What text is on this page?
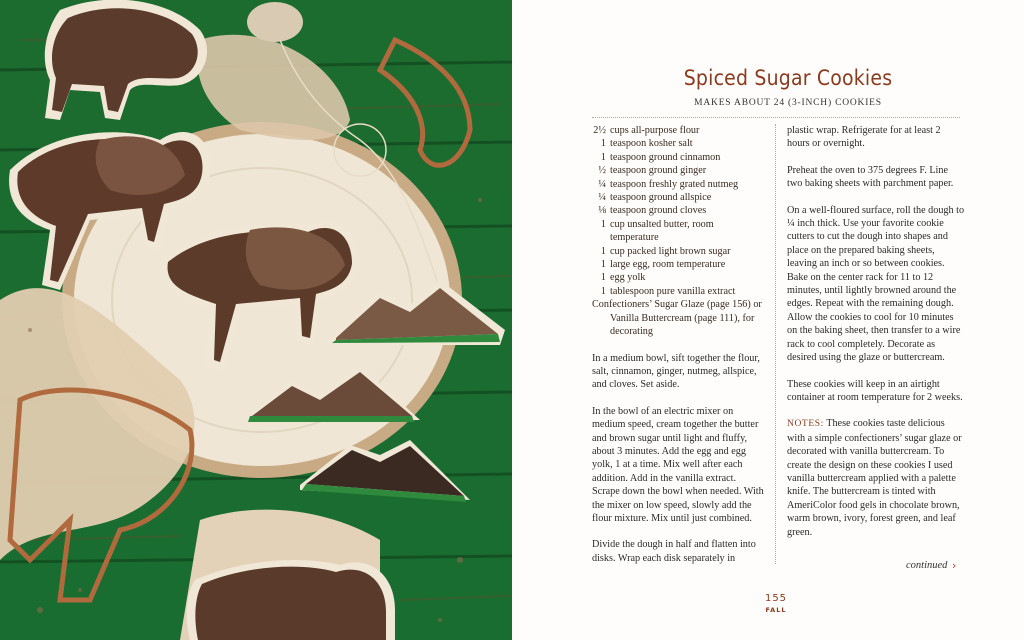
Spiced Sugar Cookies
MAKES ABOUT 24 (3-INCH) COOKIES
2½ cups all-purpose flour
1 teaspoon kosher salt
1 teaspoon ground cinnamon
½ teaspoon ground ginger
¼ teaspoon freshly grated nutmeg
¼ teaspoon ground allspice
⅛ teaspoon ground cloves
1 cup unsalted butter, room temperature
1 cup packed light brown sugar
1 large egg, room temperature
1 egg yolk
1 tablespoon pure vanilla extract
Confectioners’ Sugar Glaze (page 156) or Vanilla Buttercream (page 111), for decorating

In a medium bowl, sift together the flour, salt, cinnamon, ginger, nutmeg, allspice, and cloves. Set aside.

In the bowl of an electric mixer on medium speed, cream together the butter and brown sugar until light and fluffy, about 3 minutes. Add the egg and egg yolk, 1 at a time. Mix well after each addition. Add in the vanilla extract. Scrape down the bowl when needed. With the mixer on low speed, slowly add the flour mixture. Mix until just combined.

Divide the dough in half and flatten into disks. Wrap each disk separately in

plastic wrap. Refrigerate for at least 2 hours or overnight.

Preheat the oven to 375 degrees F. Line two baking sheets with parchment paper.

On a well-floured surface, roll the dough to ¼ inch thick. Use your favorite cookie cutters to cut the dough into shapes and place on the prepared baking sheets, leaving an inch or so between cookies. Bake on the center rack for 11 to 12 minutes, until lightly browned around the edges. Repeat with the remaining dough. Allow the cookies to cool for 10 minutes on the baking sheet, then transfer to a wire rack to cool completely. Decorate as desired using the glaze or buttercream.

These cookies will keep in an airtight container at room temperature for 2 weeks.

NOTES: These cookies taste delicious with a simple confectioners’ sugar glaze or decorated with vanilla buttercream. To create the design on these cookies I used vanilla buttercream applied with a palette knife. The buttercream is tinted with AmeriColor food gels in chocolate brown, warm brown, ivory, forest green, and leaf green.

continued ›
155
FALL
